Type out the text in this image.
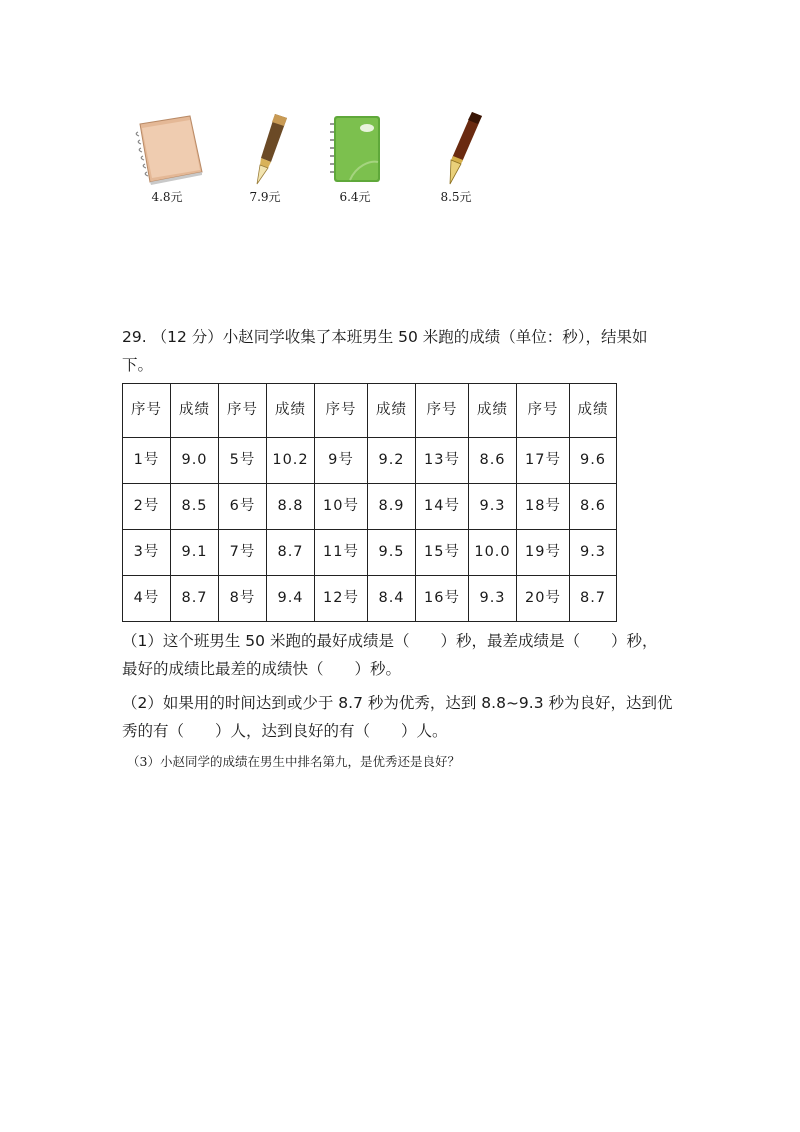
4.8元	7.9元	6.4元	8.5元
29. （12 分）小赵同学收集了本班男生 50 米跑的成绩（单位：秒），结果如
下。
序号	成绩	序号	成绩	序号	成绩	序号	成绩	序号	成绩
1号	9.0	5号	10.2	9号	9.2	13号	8.6	17号	9.6
2号	8.5	6号	8.8	10号	8.9	14号	9.3	18号	8.6
3号	9.1	7号	8.7	11号	9.5	15号	10.0	19号	9.3
4号	8.7	8号	9.4	12号	8.4	16号	9.3	20号	8.7
（1）这个班男生 50 米跑的最好成绩是（　　）秒，最差成绩是（　　）秒，
最好的成绩比最差的成绩快（　　）秒。
（2）如果用的时间达到或少于 8.7 秒为优秀，达到 8.8~9.3 秒为良好，达到优
秀的有（　　）人，达到良好的有（　　）人。
（3）小赵同学的成绩在男生中排名第九，是优秀还是良好？
